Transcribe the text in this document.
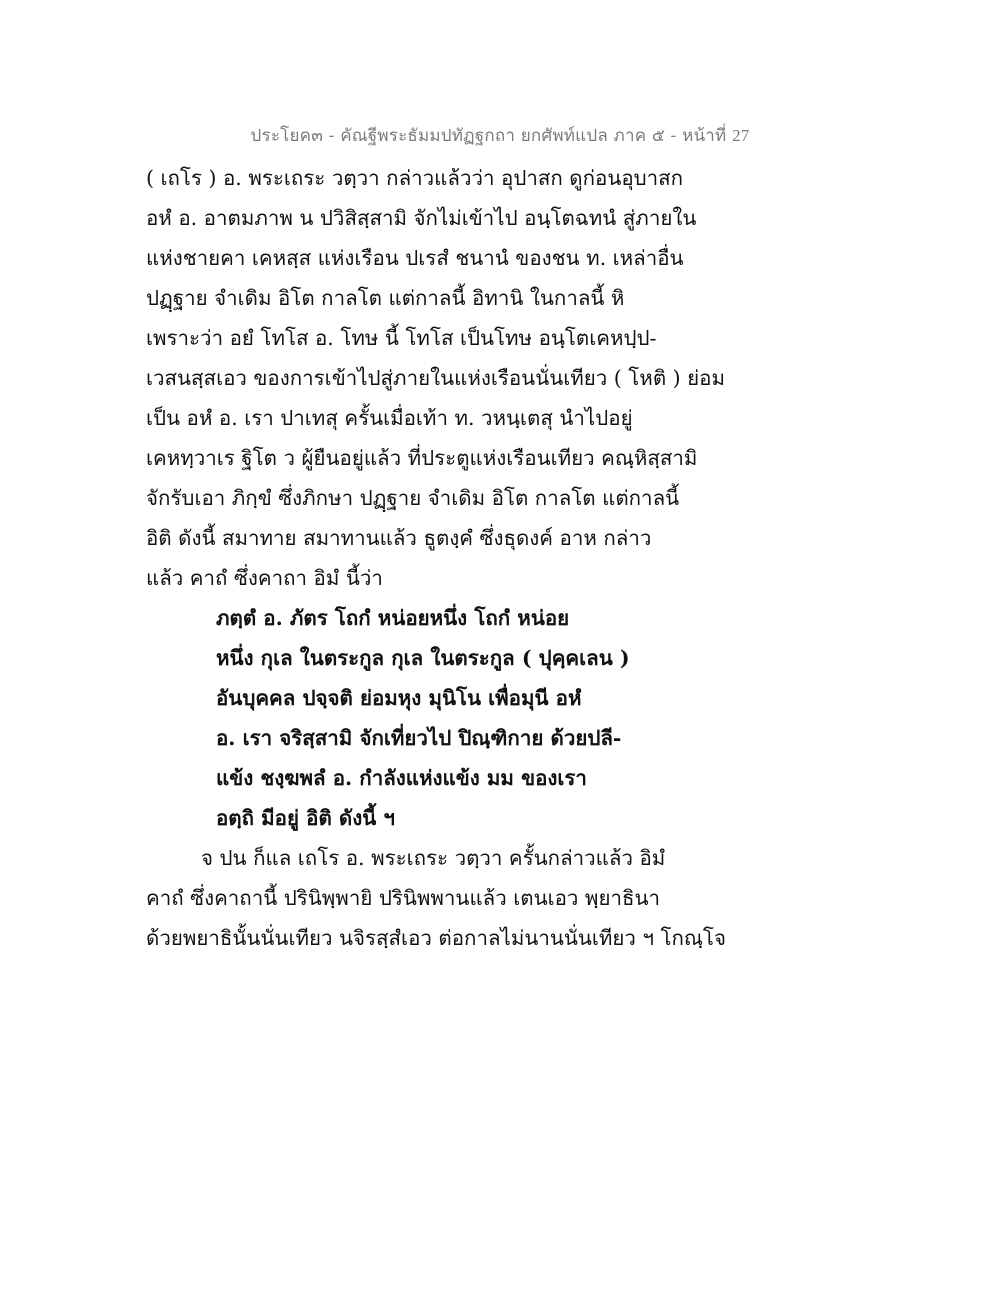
ประโยค๓ - คัณฐีพระธัมมปทัฏฐกถา ยกศัพท์แปล ภาค ๕ - หน้าที่ 27
( เถโร ) อ. พระเถระ วตฺวา กล่าวแล้วว่า อุปาสก ดูก่อนอุบาสก
อหํ อ. อาตมภาพ น ปวิสิสฺสามิ จักไม่เข้าไป อนฺโตฉทนํ สู่ภายใน
แห่งชายคา เคหสฺส แห่งเรือน ปเรสํ ชนานํ ของชน ท. เหล่าอื่น
ปฏฺฐาย จำเดิม อิโต กาลโต แต่กาลนี้ อิทานิ ในกาลนี้ หิ
เพราะว่า อยํ โทโส อ. โทษ นี้ โทโส เป็นโทษ อนฺโตเคหปฺป-
เวสนสฺสเอว ของการเข้าไปสู่ภายในแห่งเรือนนั่นเทียว ( โหติ ) ย่อม
เป็น อหํ อ. เรา ปาเทสุ ครั้นเมื่อเท้า ท. วหนฺเตสุ นำไปอยู่
เคหทฺวาเร ฐิโต ว ผู้ยืนอยู่แล้ว ที่ประตูแห่งเรือนเทียว คณฺหิสฺสามิ
จักรับเอา ภิกฺขํ ซึ่งภิกษา ปฏฺฐาย จำเดิม อิโต กาลโต แต่กาลนี้
อิติ ดังนี้ สมาทาย สมาทานแล้ว ธูตงฺคํ ซึ่งธุดงค์ อาห กล่าว
แล้ว คาถํ ซึ่งคาถา อิมํ นี้ว่า
ภตฺตํ อ. ภัตร โถกํ หน่อยหนึ่ง โถกํ หน่อย
หนึ่ง กุเล ในตระกูล กุเล ในตระกูล ( ปุคฺคเลน )
อันบุคคล ปจฺจติ ย่อมหุง มุนิโน เพื่อมุนี อหํ
อ. เรา จริสฺสามิ จักเที่ยวไป ปิณฺฑิกาย ด้วยปลี-
แข้ง ชงฺฆพลํ อ. กำลังแห่งแข้ง มม ของเรา
อตฺถิ มีอยู่ อิติ ดังนี้ ฯ
จ ปน ก็แล เถโร อ. พระเถระ วตฺวา ครั้นกล่าวแล้ว อิมํ
คาถํ ซึ่งคาถานี้ ปรินิพฺพายิ ปรินิพพานแล้ว เตนเอว พฺยาธินา
ด้วยพยาธินั้นนั่นเทียว นจิรสฺสํเอว ต่อกาลไม่นานนั่นเทียว ฯ โกณฺโจ
